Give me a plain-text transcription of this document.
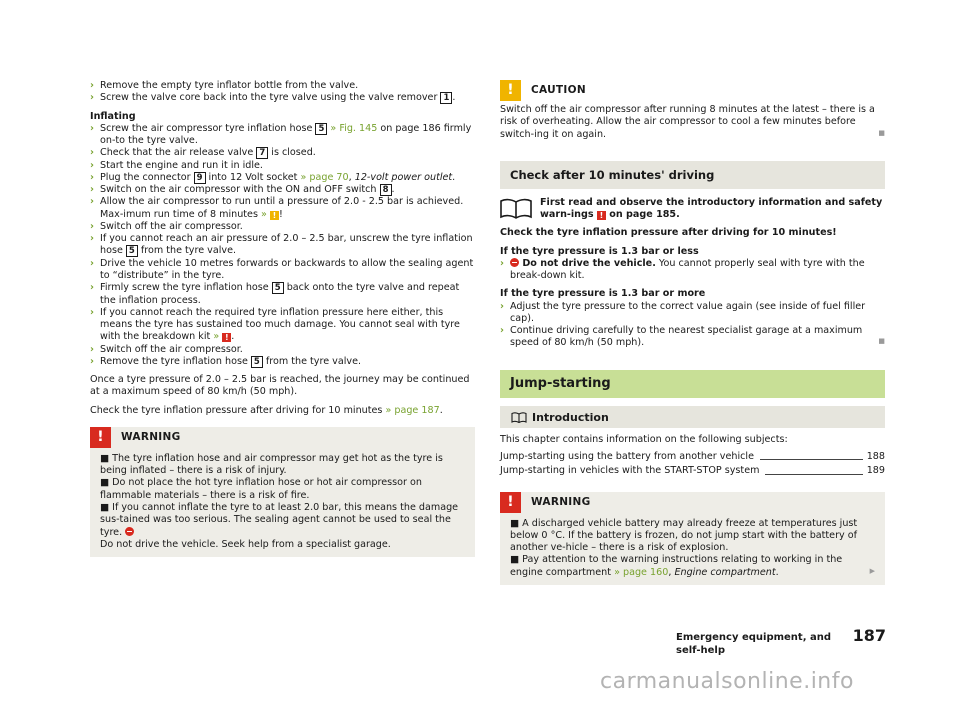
› Remove the empty tyre inflator bottle from the valve.
› Screw the valve core back into the tyre valve using the valve remover 1 .

Inflating

› Screw the air compressor tyre inflation hose 5 » Fig. 145 on page 186 firmly on-to the tyre valve.
› Check that the air release valve 7 is closed.
› Start the engine and run it in idle.
› Plug the connector 9 into 12 Volt socket » page 70, 12-volt power outlet.
› Switch on the air compressor with the ON and OFF switch 8 .
› Allow the air compressor to run until a pressure of 2.0 - 2.5 bar is achieved. Max-imum run time of 8 minutes » ! !
› Switch off the air compressor.
› If you cannot reach an air pressure of 2.0 – 2.5 bar, unscrew the tyre inflation hose 5 from the tyre valve.
› Drive the vehicle 10 metres forwards or backwards to allow the sealing agent to “distribute” in the tyre.
› Firmly screw the tyre inflation hose 5 back onto the tyre valve and repeat the inflation process.
› If you cannot reach the required tyre inflation pressure here either, this means the tyre has sustained too much damage. You cannot seal with tyre with the breakdown kit » ! .
› Switch off the air compressor.
› Remove the tyre inflation hose 5 from the tyre valve.

Once a tyre pressure of 2.0 – 2.5 bar is reached, the journey may be continued at a maximum speed of 80 km/h (50 mph).

Check the tyre inflation pressure after driving for 10 minutes » page 187.

!	WARNING

■ The tyre inflation hose and air compressor may get hot as the tyre is being inflated – there is a risk of injury.

■ Do not place the hot tyre inflation hose or hot air compressor on flammable materials – there is a risk of fire.

■ If you cannot inflate the tyre to at least 2.0 bar, this means the damage sus-tained was too serious. The sealing agent cannot be used to seal the tyre.

Do not drive the vehicle. Seek help from a specialist garage.

!	CAUTION

Switch off the air compressor after running 8 minutes at the latest – there is a risk of overheating. Allow the air compressor to cool a few minutes before switch-ing it on again.	■

Check after 10 minutes' driving

First read and observe the introductory information and safety warn-ings ! on page 185.

Check the tyre inflation pressure after driving for 10 minutes!

If the tyre pressure is 1.3 bar or less

› Do not drive the vehicle. You cannot properly seal with tyre with the break-down kit.

If the tyre pressure is 1.3 bar or more

› Adjust the tyre pressure to the correct value again (see inside of fuel filler cap).
› Continue driving carefully to the nearest specialist garage at a maximum speed of 80 km/h (50 mph).	■
Jump-starting
Introduction

This chapter contains information on the following subjects:

Jump-starting using the battery from another vehicle	188
Jump-starting in vehicles with the START-STOP system	189
!	WARNING

■ A discharged vehicle battery may already freeze at temperatures just below 0 °C. If the battery is frozen, do not jump start with the battery of another ve-hicle – there is a risk of explosion.

■ Pay attention to the warning instructions relating to working in the engine compartment » page 160, Engine compartment.	▶

Emergency equipment, and self-help
187
carmanualsonline.info
